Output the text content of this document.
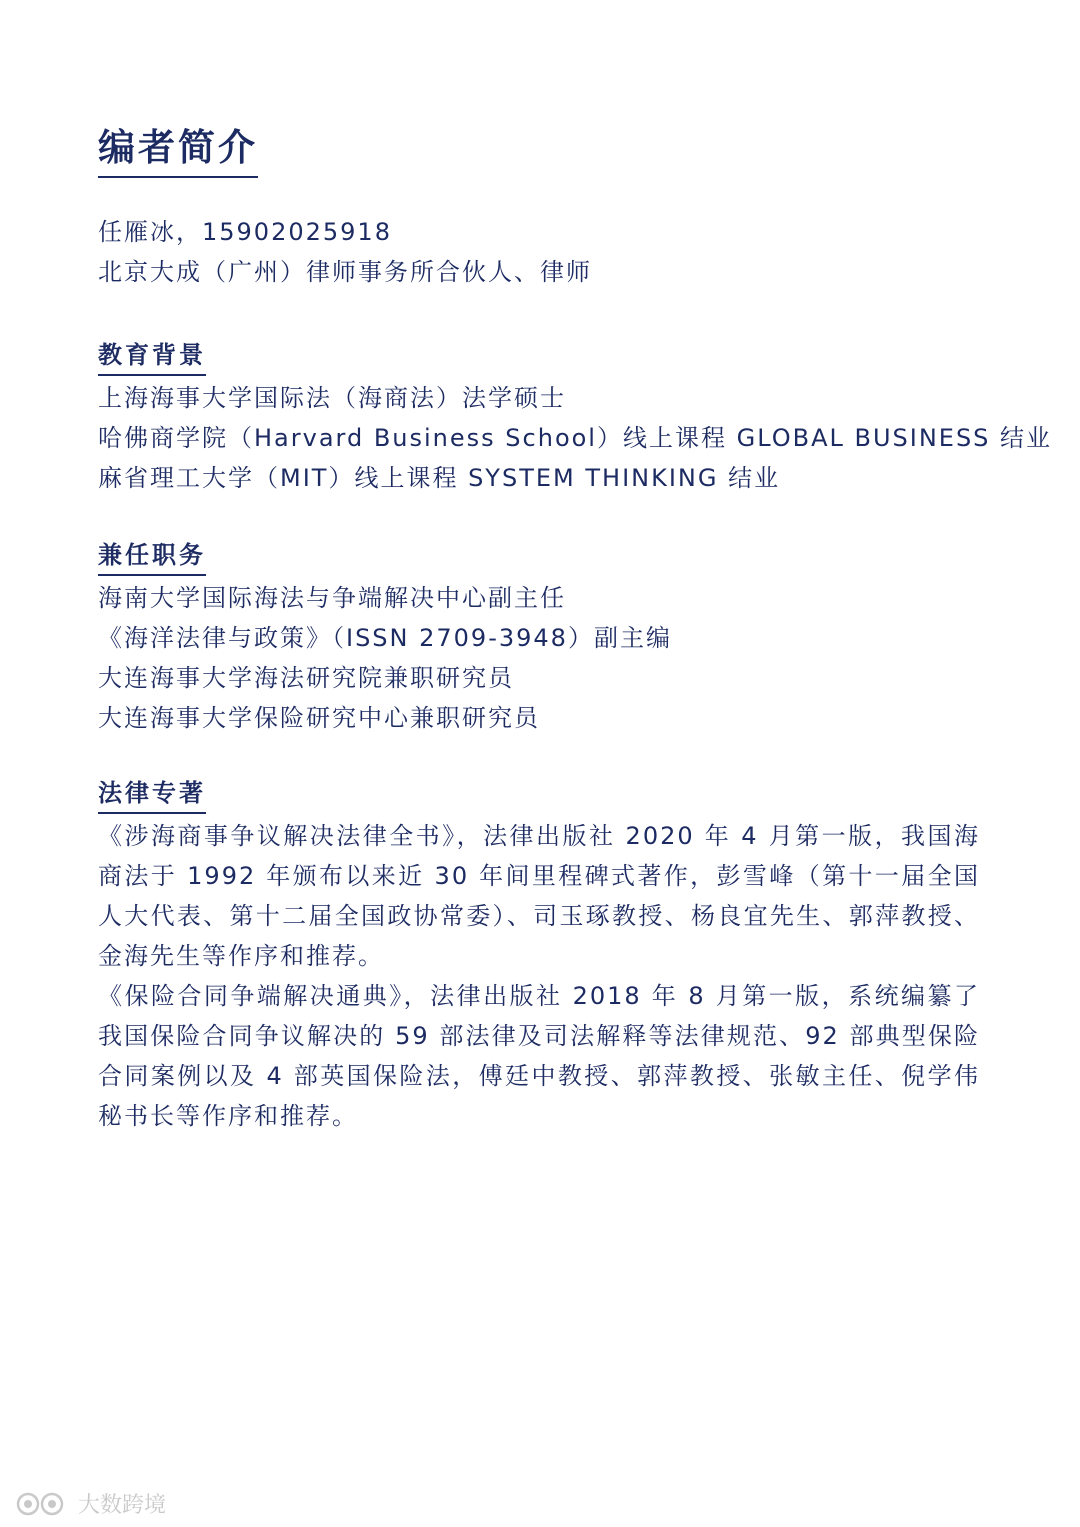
编者简介
任雁冰，15902025918
北京大成（广州）律师事务所合伙人、律师
教育背景
上海海事大学国际法（海商法）法学硕士
哈佛商学院（Harvard Business School）线上课程 GLOBAL BUSINESS 结业
麻省理工大学（MIT）线上课程 SYSTEM THINKING 结业
兼任职务
海南大学国际海法与争端解决中心副主任
《海洋法律与政策》（ISSN 2709-3948）副主编
大连海事大学海法研究院兼职研究员
大连海事大学保险研究中心兼职研究员
法律专著
《涉海商事争议解决法律全书》，法律出版社 2020 年 4 月第一版，我国海商法于 1992 年颁布以来近 30 年间里程碑式著作，彭雪峰（第十一届全国人大代表、第十二届全国政协常委）、司玉琢教授、杨良宜先生、郭萍教授、金海先生等作序和推荐。
《保险合同争端解决通典》，法律出版社 2018 年 8 月第一版，系统编纂了我国保险合同争议解决的 59 部法律及司法解释等法律规范、92 部典型保险合同案例以及 4 部英国保险法，傅廷中教授、郭萍教授、张敏主任、倪学伟秘书长等作序和推荐。
大数跨境
